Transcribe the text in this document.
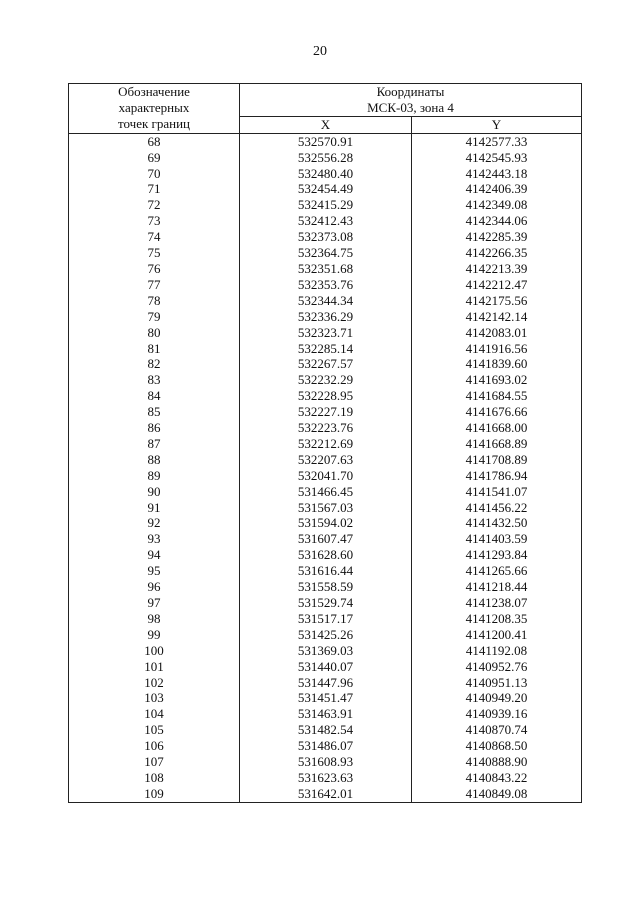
20
Обозначение
характерных
точек границ	Координаты
МСК-03, зона 4	

	X	Y
68	532570.91	4142577.33
69	532556.28	4142545.93
70	532480.40	4142443.18
71	532454.49	4142406.39
72	532415.29	4142349.08
73	532412.43	4142344.06
74	532373.08	4142285.39
75	532364.75	4142266.35
76	532351.68	4142213.39
77	532353.76	4142212.47
78	532344.34	4142175.56
79	532336.29	4142142.14
80	532323.71	4142083.01
81	532285.14	4141916.56
82	532267.57	4141839.60
83	532232.29	4141693.02
84	532228.95	4141684.55
85	532227.19	4141676.66
86	532223.76	4141668.00
87	532212.69	4141668.89
88	532207.63	4141708.89
89	532041.70	4141786.94
90	531466.45	4141541.07
91	531567.03	4141456.22
92	531594.02	4141432.50
93	531607.47	4141403.59
94	531628.60	4141293.84
95	531616.44	4141265.66
96	531558.59	4141218.44
97	531529.74	4141238.07
98	531517.17	4141208.35
99	531425.26	4141200.41
100	531369.03	4141192.08
101	531440.07	4140952.76
102	531447.96	4140951.13
103	531451.47	4140949.20
104	531463.91	4140939.16
105	531482.54	4140870.74
106	531486.07	4140868.50
107	531608.93	4140888.90
108	531623.63	4140843.22
109	531642.01	4140849.08
